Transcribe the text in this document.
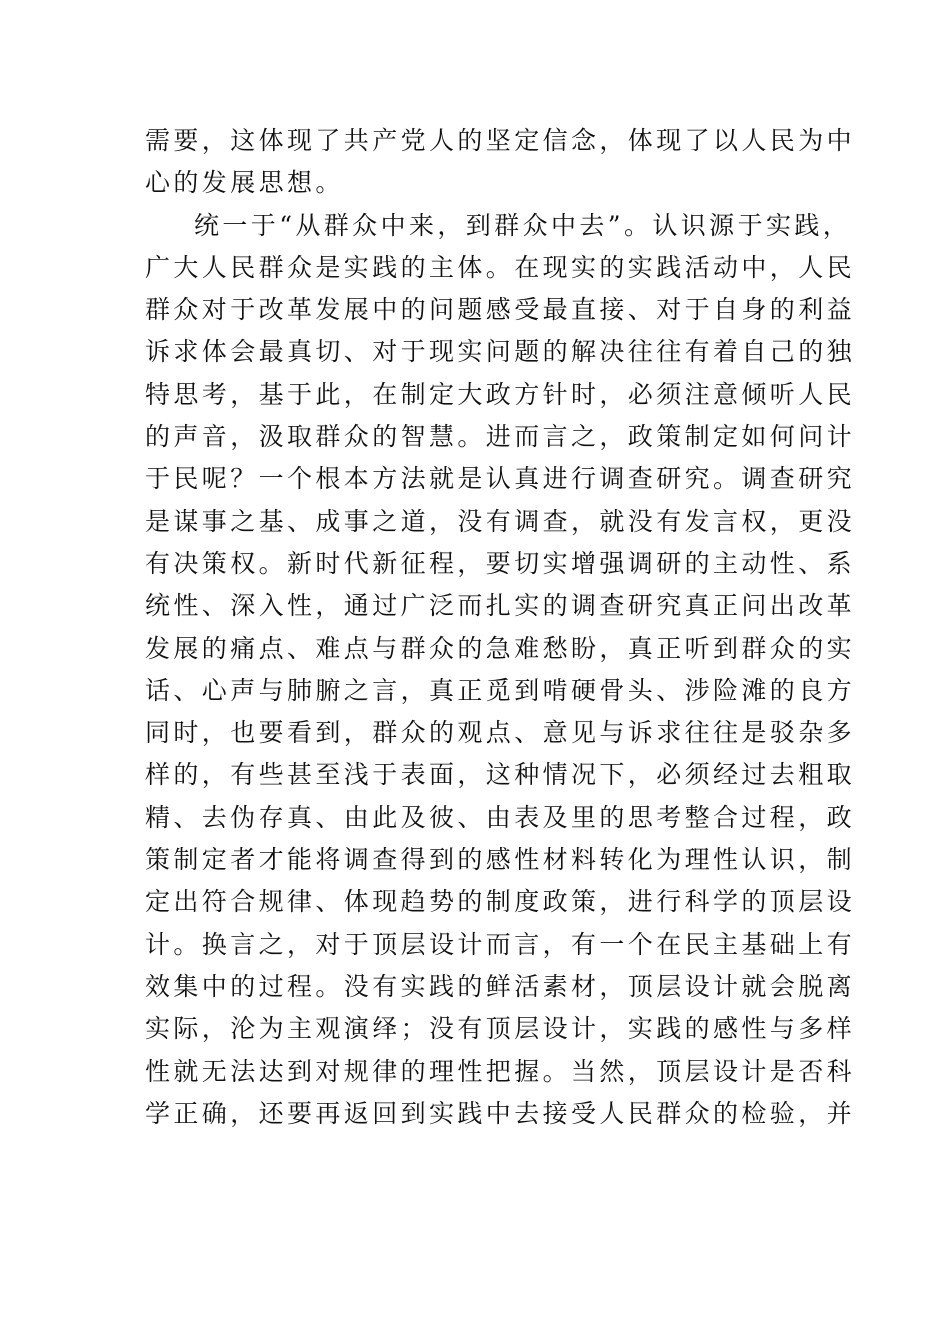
需要，这体现了共产党人的坚定信念，体现了以人民为中
心的发展思想。
统一于“从群众中来，到群众中去”。认识源于实践，
广大人民群众是实践的主体。在现实的实践活动中，人民
群众对于改革发展中的问题感受最直接、对于自身的利益
诉求体会最真切、对于现实问题的解决往往有着自己的独
特思考，基于此，在制定大政方针时，必须注意倾听人民
的声音，汲取群众的智慧。进而言之，政策制定如何问计
于民呢？一个根本方法就是认真进行调查研究。调查研究
是谋事之基、成事之道，没有调查，就没有发言权，更没
有决策权。新时代新征程，要切实增强调研的主动性、系
统性、深入性，通过广泛而扎实的调查研究真正问出改革
发展的痛点、难点与群众的急难愁盼，真正听到群众的实
话、心声与肺腑之言，真正觅到啃硬骨头、涉险滩的良方
同时，也要看到，群众的观点、意见与诉求往往是驳杂多
样的，有些甚至浅于表面，这种情况下，必须经过去粗取
精、去伪存真、由此及彼、由表及里的思考整合过程，政
策制定者才能将调查得到的感性材料转化为理性认识，制
定出符合规律、体现趋势的制度政策，进行科学的顶层设
计。换言之，对于顶层设计而言，有一个在民主基础上有
效集中的过程。没有实践的鲜活素材，顶层设计就会脱离
实际，沦为主观演绎；没有顶层设计，实践的感性与多样
性就无法达到对规律的理性把握。当然，顶层设计是否科
学正确，还要再返回到实践中去接受人民群众的检验，并
